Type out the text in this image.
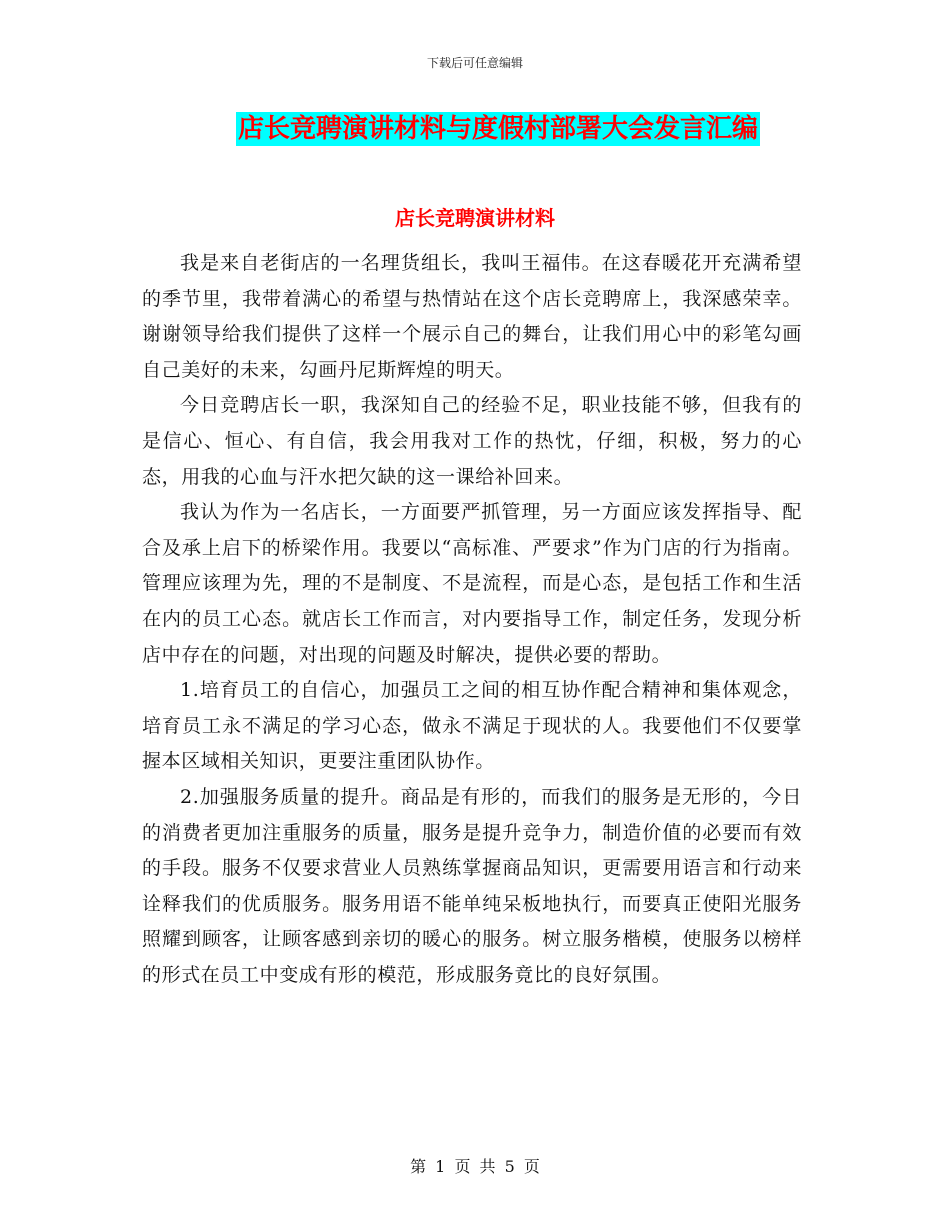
下载后可任意编辑
店长竞聘演讲材料与度假村部署大会发言汇编
店长竞聘演讲材料

我是来自老街店的一名理货组长，我叫王福伟。在这春暖花开充满希望的季节里，我带着满心的希望与热情站在这个店长竞聘席上，我深感荣幸。谢谢领导给我们提供了这样一个展示自己的舞台，让我们用心中的彩笔勾画自己美好的未来，勾画丹尼斯辉煌的明天。

今日竞聘店长一职，我深知自己的经验不足，职业技能不够，但我有的是信心、恒心、有自信，我会用我对工作的热忱，仔细，积极，努力的心态，用我的心血与汗水把欠缺的这一课给补回来。

我认为作为一名店长，一方面要严抓管理，另一方面应该发挥指导、配合及承上启下的桥梁作用。我要以“高标准、严要求”作为门店的行为指南。管理应该理为先，理的不是制度、不是流程，而是心态，是包括工作和生活在内的员工心态。就店长工作而言，对内要指导工作，制定任务，发现分析店中存在的问题，对出现的问题及时解决，提供必要的帮助。

1.培育员工的自信心，加强员工之间的相互协作配合精神和集体观念，培育员工永不满足的学习心态，做永不满足于现状的人。我要他们不仅要掌握本区域相关知识，更要注重团队协作。

2.加强服务质量的提升。商品是有形的，而我们的服务是无形的，今日的消费者更加注重服务的质量，服务是提升竞争力，制造价值的必要而有效的手段。服务不仅要求营业人员熟练掌握商品知识，更需要用语言和行动来诠释我们的优质服务。服务用语不能单纯呆板地执行，而要真正使阳光服务照耀到顾客，让顾客感到亲切的暖心的服务。树立服务楷模，使服务以榜样的形式在员工中变成有形的模范，形成服务竟比的良好氛围。

第 1 页 共 5 页
